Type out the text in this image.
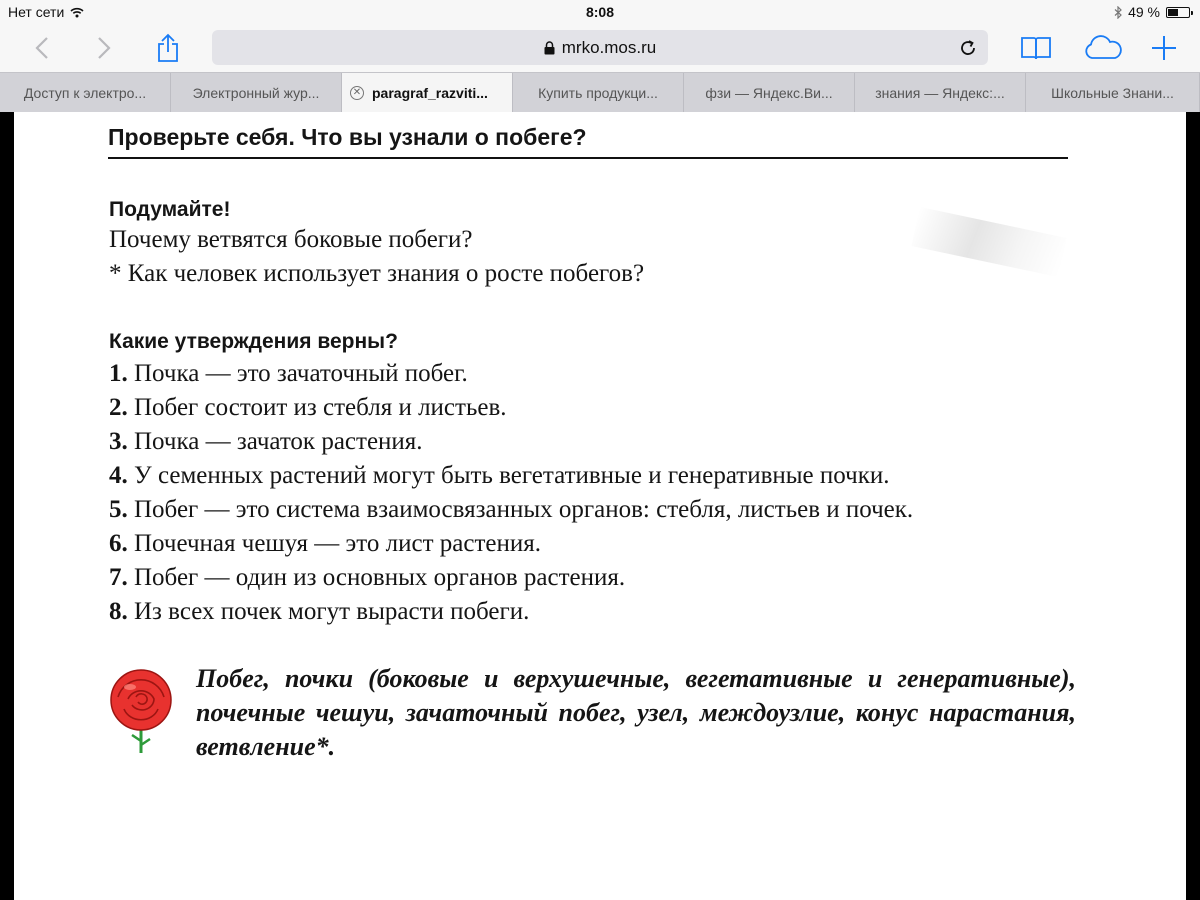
Нет сети	8:08	49 %
mrko.mos.ru
Доступ к электро...	Электронный жур...	✕ paragraf_razviti...	Купить продукци...	фзи — Яндекс.Ви...	знания — Яндекс:...	Школьные Знани...
Проверьте себя. Что вы узнали о побеге?
Подумайте!
Почему ветвятся боковые побеги?
* Как человек использует знания о росте побегов?
Какие утверждения верны?
1. Почка — это зачаточный побег.
2. Побег состоит из стебля и листьев.
3. Почка — зачаток растения.
4. У семенных растений могут быть вегетативные и генеративные почки.
5. Побег — это система взаимосвязанных органов: стебля, листьев и почек.
6. Почечная чешуя — это лист растения.
7. Побег — один из основных органов растения.
8. Из всех почек могут вырасти побеги.
Побег, почки (боковые и верхушечные, вегетативные и генеративные), почечные чешуи, зачаточный побег, узел, междоузлие, конус нарастания, ветвление*.
